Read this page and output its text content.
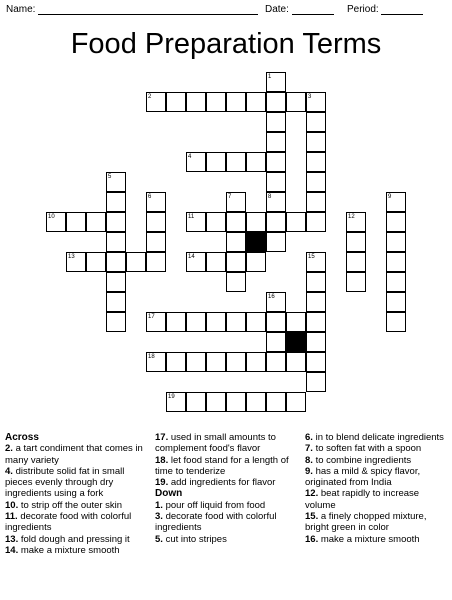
Name:	Date:	Period:
Food Preparation Terms
1
2	3
4
5
6	7	8	9
10	11	12
13	14	15
16
17
18
19
Across
2. a tart condiment that comes in many variety
4. distribute solid fat in small pieces evenly through dry ingredients using a fork
10. to strip off the outer skin
11. decorate food with colorful ingredients
13. fold dough and pressing it
14. make a mixture smooth
17. used in small amounts to complement food's flavor
18. let food stand for a length of time to tenderize
19. add ingredients for flavor
Down
1. pour off liquid from food
3. decorate food with colorful ingredients
5. cut into stripes
6. in to blend delicate ingredients
7. to soften fat with a spoon
8. to combine ingredients
9. has a mild & spicy flavor, originated from India
12. beat rapidly to increase volume
15. a finely chopped mixture, bright green in color
16. make a mixture smooth
